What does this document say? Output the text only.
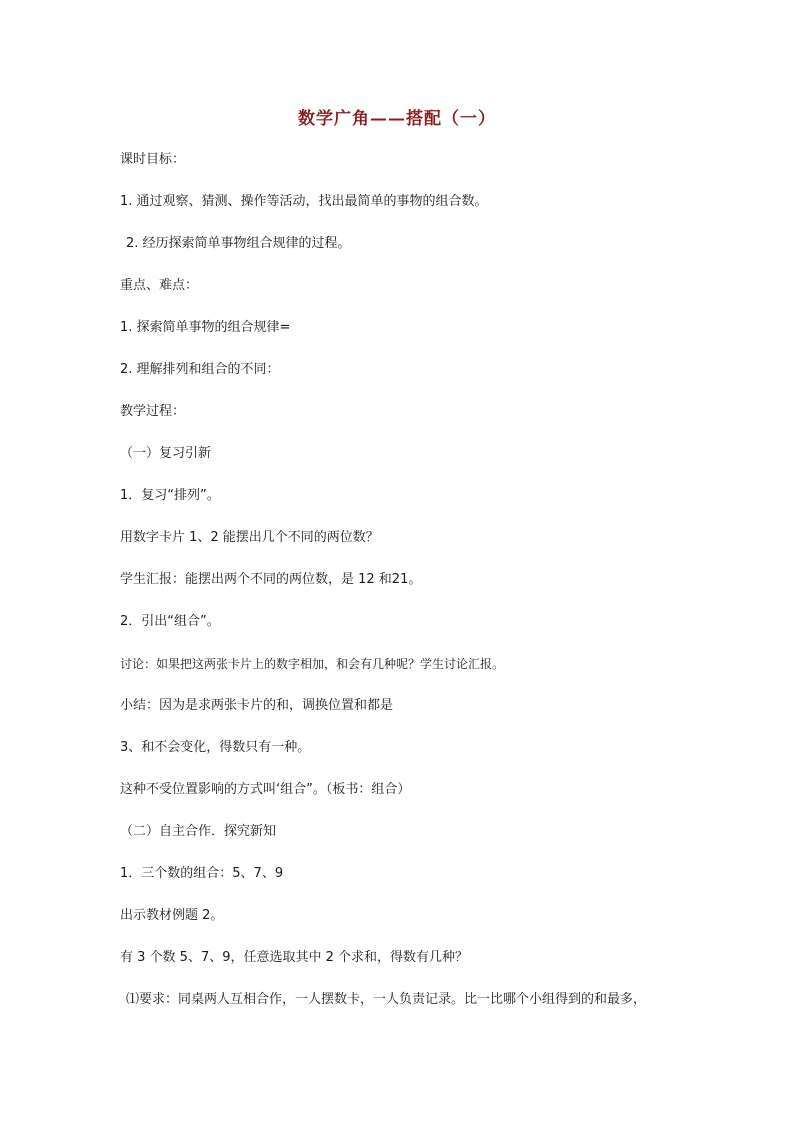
数学广角——搭配（一）
课时目标：
1. 通过观察、猜测、操作等活动，找出最简单的事物的组合数。
2. 经历探索简单事物组合规律的过程。
重点、难点：
1. 探索简单事物的组合规律=
2. 理解排列和组合的不同：
教学过程：
（一）复习引新
1．复习“排列”。
用数字卡片 1、2 能摆出几个不同的两位数？
学生汇报：能摆出两个不同的两位数，是 12 和21。
2．引出“组合”。
讨论：如果把这两张卡片上的数字相加，和会有几种呢？学生讨论汇报。
小结：因为是求两张卡片的和，调换位置和都是
3、和不会变化，得数只有一种。
这种不受位置影响的方式叫‘组合”。（板书：组合）
（二）自主合作．探究新知
1．三个数的组合：5、7、9
出示教材例题 2。
有 3 个数 5、7、9，任意选取其中 2 个求和，得数有几种？
⑴要求：同桌两人互相合作，一人摆数卡，一人负责记录。比一比哪个小组得到的和最多，
